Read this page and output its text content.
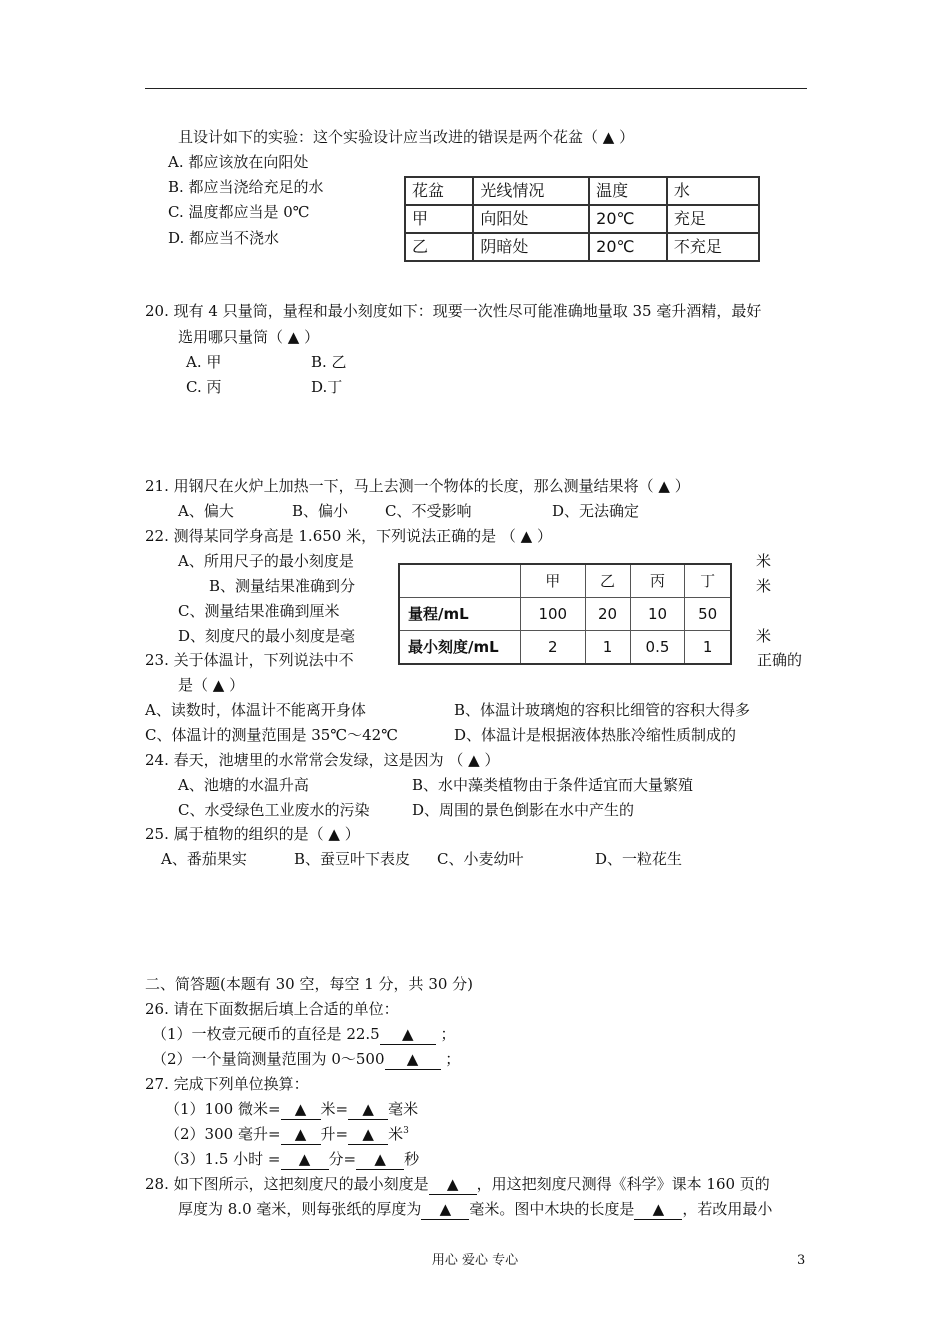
且设计如下的实验：这个实验设计应当改进的错误是两个花盆（ ▲ ）
A. 都应该放在向阳处
B. 都应当浇给充足的水
C. 温度都应当是 0℃
D. 都应当不浇水
花盆	光线情况	温度	水
甲	向阳处	20℃	充足
乙	阴暗处	20℃	不充足
20. 现有 4 只量筒，量程和最小刻度如下：现要一次性尽可能准确地量取 35 毫升酒精，最好
选用哪只量筒（ ▲ ）
A. 甲	B. 乙
C. 丙	D.丁
21. 用钢尺在火炉上加热一下，马上去测一个物体的长度，那么测量结果将（ ▲ ）
A、偏大	B、偏小 C、不受影响	D、无法确定
22. 测得某同学身高是 1.650 米，下列说法正确的是 （ ▲ ）
A、所用尺子的最小刻度是	米
B、测量结果准确到分	米
C、测量结果准确到厘米
D、刻度尺的最小刻度是毫	米
	甲	乙	丙	丁
量程/mL	100	20	10	50
最小刻度/mL	2	1	0.5	1
23. 关于体温计，下列说法中不	正确的
是（ ▲ ）
A、读数时，体温计不能离开身体	B、体温计玻璃炮的容积比细管的容积大得多
C、体温计的测量范围是 35℃～42℃	D、体温计是根据液体热胀冷缩性质制成的
24. 春天，池塘里的水常常会发绿，这是因为 （ ▲ ）
A、池塘的水温升高	B、水中藻类植物由于条件适宜而大量繁殖
C、水受绿色工业废水的污染	D、周围的景色倒影在水中产生的
25. 属于植物的组织的是（ ▲ ）
A、番茄果实	B、蚕豆叶下表皮 C、小麦幼叶	D、一粒花生
二、简答题(本题有 30 空，每空 1 分，共 30 分)
26. 请在下面数据后填上合适的单位：
（1）一枚壹元硬币的直径是 22.5 ▲ ；
（2）一个量筒测量范围为 0～500 ▲ ；
27. 完成下列单位换算：
（1）100 微米= ▲ 米= ▲ 毫米
（2）300 毫升= ▲ 升= ▲ 米$^3$
（3）1.5 小时 = ▲ 分= ▲ 秒
28. 如下图所示，这把刻度尺的最小刻度是 ▲ ，用这把刻度尺测得《科学》课本 160 页的
厚度为 8.0 毫米，则每张纸的厚度为 ▲ 毫米。图中木块的长度是 ▲ ，若改用最小
用心 爱心 专心	3
